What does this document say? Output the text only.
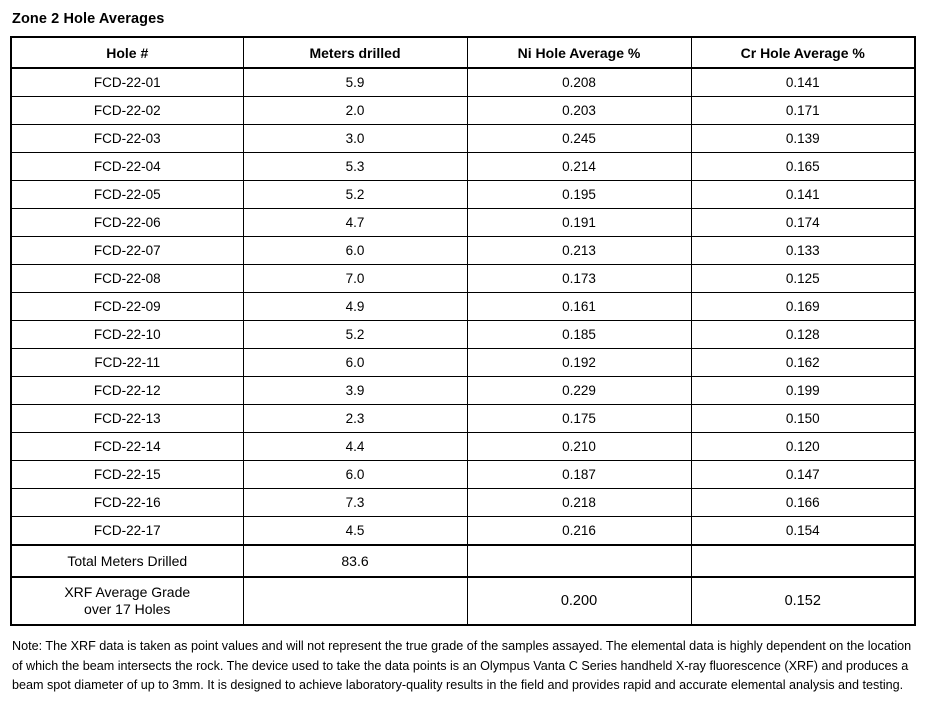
Zone 2 Hole Averages
Hole #	Meters drilled	Ni Hole Average %	Cr Hole Average %
FCD-22-01	5.9	0.208	0.141
FCD-22-02	2.0	0.203	0.171
FCD-22-03	3.0	0.245	0.139
FCD-22-04	5.3	0.214	0.165
FCD-22-05	5.2	0.195	0.141
FCD-22-06	4.7	0.191	0.174
FCD-22-07	6.0	0.213	0.133
FCD-22-08	7.0	0.173	0.125
FCD-22-09	4.9	0.161	0.169
FCD-22-10	5.2	0.185	0.128
FCD-22-11	6.0	0.192	0.162
FCD-22-12	3.9	0.229	0.199
FCD-22-13	2.3	0.175	0.150
FCD-22-14	4.4	0.210	0.120
FCD-22-15	6.0	0.187	0.147
FCD-22-16	7.3	0.218	0.166
FCD-22-17	4.5	0.216	0.154
Total Meters Drilled	83.6		
XRF Average Grade
over 17 Holes		0.200	0.152
Note: The XRF data is taken as point values and will not represent the true grade of the samples assayed. The elemental data is highly dependent on the location of which the beam intersects the rock. The device used to take the data points is an Olympus Vanta C Series handheld X-ray fluorescence (XRF) and produces a beam spot diameter of up to 3mm. It is designed to achieve laboratory-quality results in the field and provides rapid and accurate elemental analysis and testing.
